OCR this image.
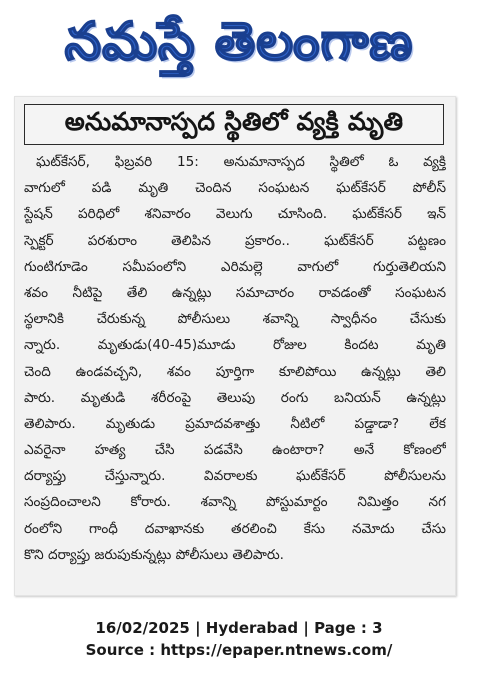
నమస్తే తెలంగాణ
అనుమానాస్పద స్థితిలో వ్యక్తి మృతి
ఘట్‌కేసర్, ఫిబ్రవరి 15: అనుమానాస్పద స్థితిలో ఓ వ్యక్తి
వాగులో పడి మృతి చెందిన సంఘటన ఘట్‌కేసర్ పోలీస్
స్టేషన్ పరిధిలో శనివారం వెలుగు చూసింది. ఘట్‌కేసర్ ఇన్
స్పెక్టర్ పరశురాం తెలిపిన ప్రకారం.. ఘట్‌కేసర్ పట్టణం
గుంటిగూడెం సమీపంలోని ఎరిమల్లె వాగులో గుర్తుతెలియని
శవం నీటిపై తేలి ఉన్నట్లు సమాచారం రావడంతో సంఘటన
స్థలానికి చేరుకున్న పోలీసులు శవాన్ని స్వాధీనం చేసుకు
న్నారు. మృతుడు(40-45)మూడు రోజుల కిందట మృతి
చెంది ఉండవచ్చని, శవం పూర్తిగా కూలిపోయి ఉన్నట్లు తెలి
పారు. మృతుడి శరీరంపై తెలుపు రంగు బనియన్ ఉన్నట్లు
తెలిపారు. మృతుడు ప్రమాదవశాత్తు నీటిలో పడ్డాడా? లేక
ఎవరైనా హత్య చేసి పడవేసి ఉంటారా? అనే కోణంలో
దర్యాప్తు చేస్తున్నారు. వివరాలకు ఘట్‌కేసర్ పోలీసులను
సంప్రదించాలని కోరారు. శవాన్ని పోస్టుమార్టం నిమిత్తం నగ
రంలోని గాంధీ దవాఖానకు తరలించి కేసు నమోదు చేసు
కొని దర్యాప్తు జరుపుకున్నట్లు పోలీసులు తెలిపారు.
16/02/2025 | Hyderabad | Page : 3
Source : https://epaper.ntnews.com/
